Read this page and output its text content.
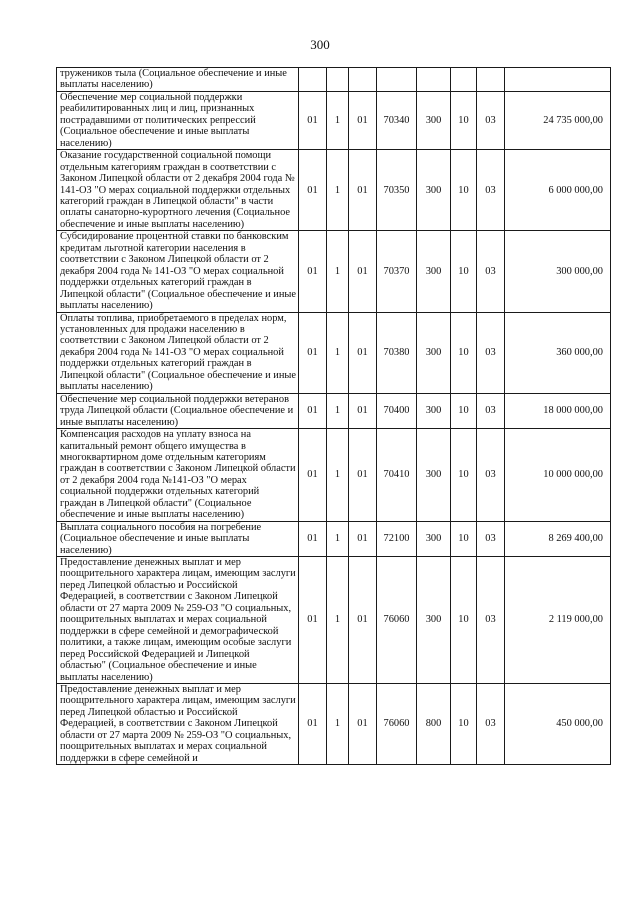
300
тружеников тыла (Социальное обеспечение и иные выплаты населению)								
Обеспечение мер социальной поддержки реабилитированных лиц и лиц, признанных пострадавшими от политических репрессий (Социальное обеспечение и иные выплаты населению)	01	1	01	70340	300	10	03	24 735 000,00
Оказание государственной социальной помощи отдельным категориям граждан в соответствии с Законом Липецкой области от 2 декабря 2004 года № 141-ОЗ "О мерах социальной поддержки отдельных категорий граждан в Липецкой области" в части оплаты санаторно-курортного лечения (Социальное обеспечение и иные выплаты населению)	01	1	01	70350	300	10	03	6 000 000,00
Субсидирование процентной ставки по банковским кредитам льготной категории населения в соответствии с Законом Липецкой области от 2 декабря 2004 года № 141-ОЗ "О мерах социальной поддержки отдельных категорий граждан в Липецкой области" (Социальное обеспечение и иные выплаты населению)	01	1	01	70370	300	10	03	300 000,00
Оплаты топлива, приобретаемого в пределах норм, установленных для продажи населению в соответствии с Законом Липецкой области от 2 декабря 2004 года № 141-ОЗ "О мерах социальной поддержки отдельных категорий граждан в Липецкой области" (Социальное обеспечение и иные выплаты населению)	01	1	01	70380	300	10	03	360 000,00
Обеспечение мер социальной поддержки ветеранов труда Липецкой области (Социальное обеспечение и иные выплаты населению)	01	1	01	70400	300	10	03	18 000 000,00
Компенсация расходов на уплату взноса на капитальный ремонт общего имущества в многоквартирном доме отдельным категориям граждан в соответствии с Законом Липецкой области от 2 декабря 2004 года №141-ОЗ "О мерах социальной поддержки отдельных категорий граждан в Липецкой области" (Социальное обеспечение и иные выплаты населению)	01	1	01	70410	300	10	03	10 000 000,00
Выплата социального пособия на погребение (Социальное обеспечение и иные выплаты населению)	01	1	01	72100	300	10	03	8 269 400,00
Предоставление денежных выплат и мер поощрительного характера лицам, имеющим заслуги перед Липецкой областью и Российской Федерацией, в соответствии с Законом Липецкой области от 27 марта 2009 № 259-ОЗ "О социальных, поощрительных выплатах и мерах социальной поддержки в сфере семейной и демографической политики, а также лицам, имеющим особые заслуги перед Российской Федерацией и Липецкой областью" (Социальное обеспечение и иные выплаты населению)	01	1	01	76060	300	10	03	2 119 000,00
Предоставление денежных выплат и мер поощрительного характера лицам, имеющим заслуги перед Липецкой областью и Российской Федерацией, в соответствии с Законом Липецкой области от 27 марта 2009 № 259-ОЗ "О социальных, поощрительных выплатах и мерах социальной поддержки в сфере семейной и	01	1	01	76060	800	10	03	450 000,00
